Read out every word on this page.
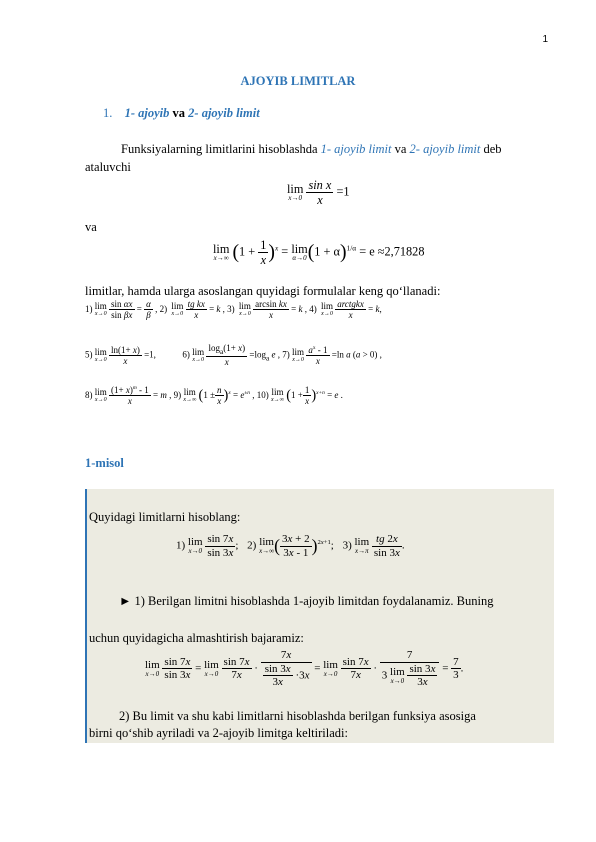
1
AJOYIB LIMITLAR
1. 1- ajoyib va 2- ajoyib limit
Funksiyalarning limitlarini hisoblashda 1- ajoyib limit va 2- ajoyib limit deb
ataluvchi
lim
x→0
$\frac{\text{sin x}}{x} =1$
va
lim
x→∞ $(1 + \frac{1}{x} )^x = \lim$
α→0 $(1 + \alpha)^{1/\alpha} = e \approx 2,71828$
limitlar, hamda ularga asoslangan quyidagi formulalar keng qo‘llanadi:
1) lim
x→0
$\frac{\text{sin αx}}{\text{sin βx}} = \frac{\alpha}{\beta}$ , 2) lim
x→0
$\frac{\text{tg kx}}{x} = k$ , 3) lim
x→0
$\frac{\text{arcsin kx}}{x} = k$ , 4) lim
x→0
$\frac{\text{arctgkx}}{x} = k$,
5) lim
x→0
$\frac{\ln(1+ x)}{x} =1$,	6) lim
x→0
$\frac{\log_a(1+ x)}{x} =\log_a$ e , 7) lim
x→0
$\frac{a^x - 1}{x} =\ln$ a (a > 0) ,
8) lim
x→0
$\frac{(1+ x)^m - 1}{x} = m$ , 9) lim
x→∞ $(1 \pm \frac{n}{x} )^x = e^{\pm n}$ , 10) lim
x→∞ $(1 + \frac{1}{x} )^{x+n} = e$ .
1-misol
Quyidagi limitlarni hisoblang:
1) lim
x→0
$\frac{\sin 7x}{\sin 3x}$ ; 2) lim
x→∞ ( $\frac{3x + 2}{3x - 1} )^{2x+1}$; 3) lim
x→π
$\frac{tg 2x}{\sin 3x}$ .
► 1) Berilgan limitni hisoblashda 1-ajoyib limitdan foydalanamiz. Buning
uchun quyidagicha almashtirish bajaramiz:
lim
x→0
$\frac{\sin 7x}{\sin 3x} = \lim$
x→0
$\frac{\sin 7x}{7x} \cdot \frac{7x}{\frac{\sin 3x}{3x} \cdot 3x} = \lim$
x→0
$\frac{\sin 7x}{7x} \cdot 7$
3 lim
x→0
$\frac{\sin 3x}{3x} = \frac{7}{3}$ .
2) Bu limit va shu kabi limitlarni hisoblashda berilgan funksiya asosiga
birni qo‘shib ayriladi va 2-ajoyib limitga keltiriladi:
